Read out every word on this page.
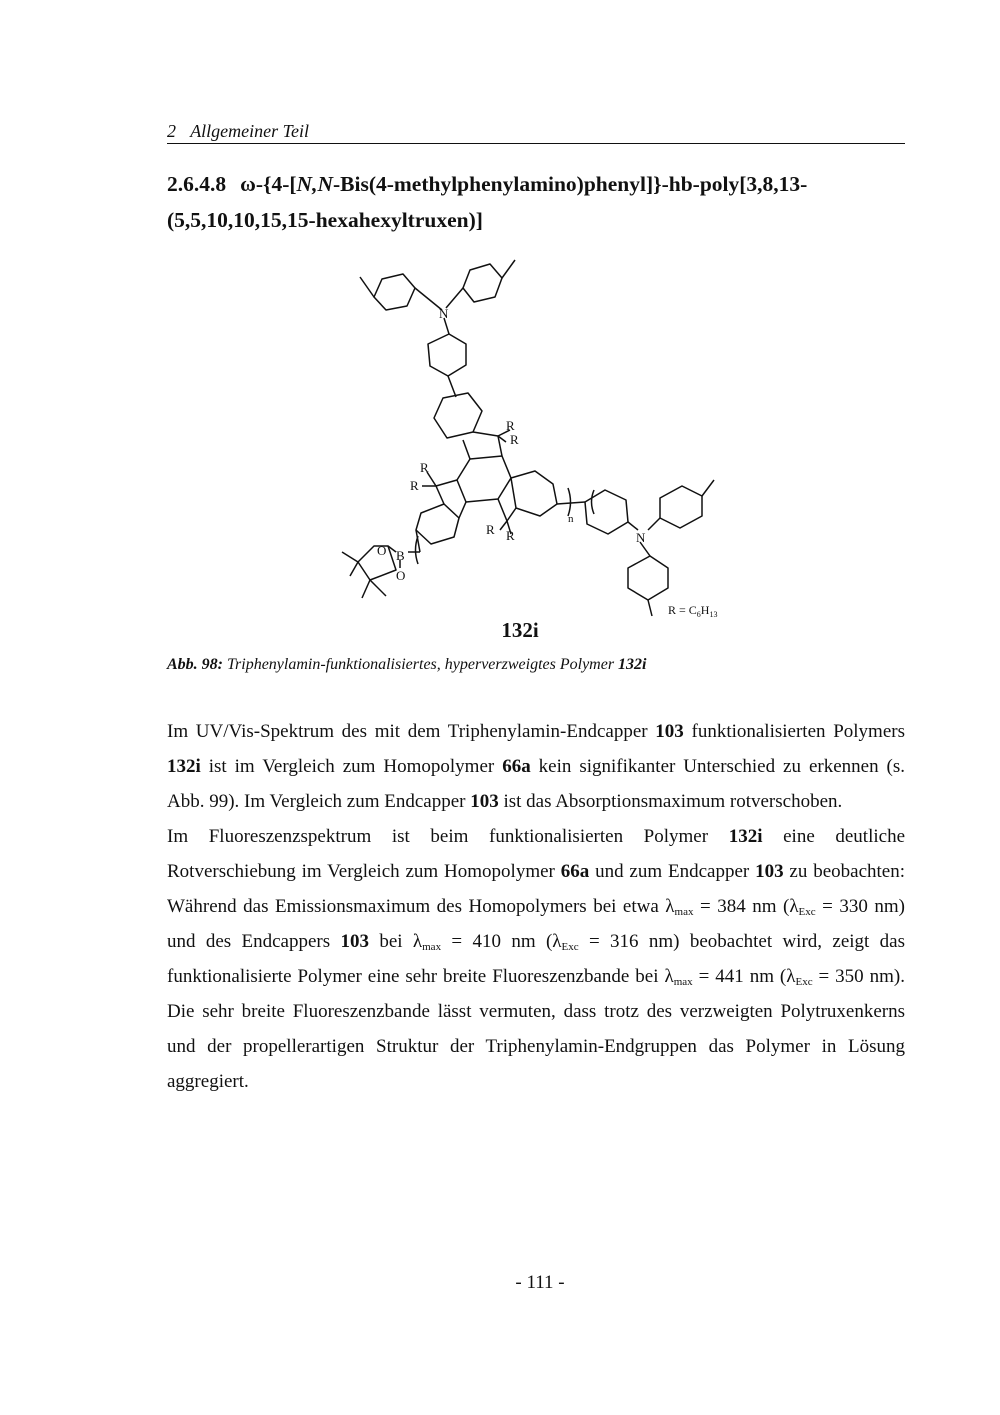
2 Allgemeiner Teil
2.6.4.8 ω-{4-[N,N-Bis(4-methylphenylamino)phenyl]}-hb-poly[3,8,13-(5,5,10,10,15,15-hexahexyltruxen)]
N
N
B
O
O
R
R
R
R
R R
n
$R = C_6H_{13}$
132i
Abb. 98: Triphenylamin-funktionalisiertes, hyperverzweigtes Polymer 132i

Im UV/Vis-Spektrum des mit dem Triphenylamin-Endcapper 103 funktionalisierten Polymers 132i ist im Vergleich zum Homopolymer 66a kein signifikanter Unterschied zu erkennen (s. Abb. 99). Im Vergleich zum Endcapper 103 ist das Absorptionsmaximum rotverschoben.

Im Fluoreszenzspektrum ist beim funktionalisierten Polymer 132i eine deutliche Rotverschiebung im Vergleich zum Homopolymer 66a und zum Endcapper 103 zu beobachten: Während das Emissionsmaximum des Homopolymers bei etwa $\lambda_{max} = 384$ nm ($\lambda_{Exc} = 330$ nm) und des Endcappers 103 bei $\lambda_{max} = 410$ nm ($\lambda_{Exc} = 316$ nm) beobachtet wird, zeigt das funktionalisierte Polymer eine sehr breite Fluoreszenzbande bei $\lambda_{max} = 441$ nm ($\lambda_{Exc} = 350$ nm). Die sehr breite Fluoreszenzbande lässt vermuten, dass trotz des verzweigten Polytruxenkerns und der propellerartigen Struktur der Triphenylamin-Endgruppen das Polymer in Lösung aggregiert.

- 111 -
